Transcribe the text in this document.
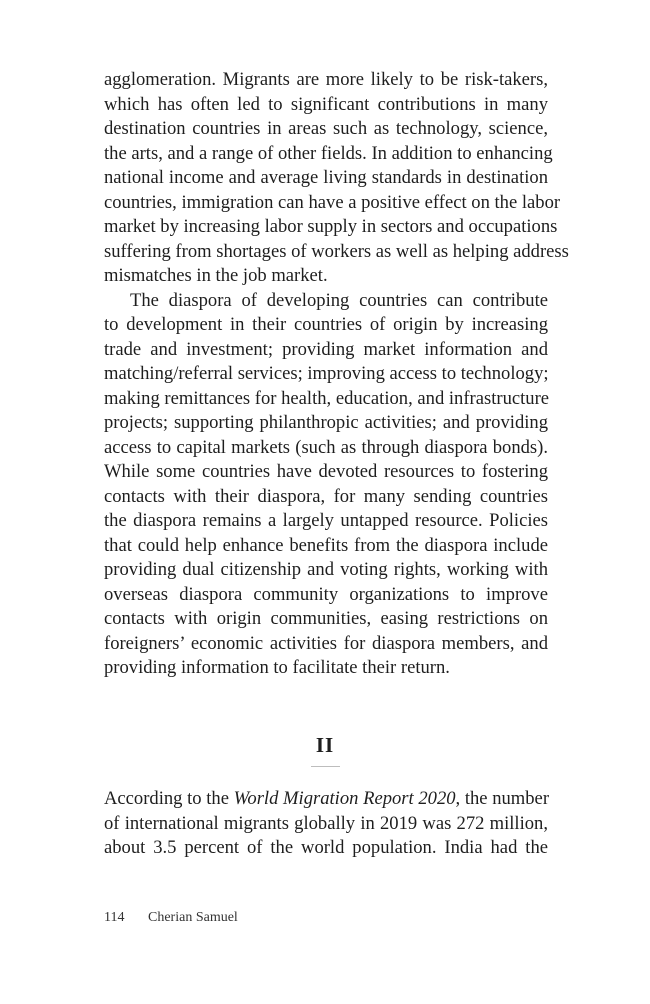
agglomeration. Migrants are more likely to be risk-takers,
which has often led to significant contributions in many
destination countries in areas such as technology, science,
the arts, and a range of other fields. In addition to enhancing
national income and average living standards in destination
countries, immigration can have a positive effect on the labor
market by increasing labor supply in sectors and occupations
suffering from shortages of workers as well as helping address
mismatches in the job market.
The diaspora of developing countries can contribute
to development in their countries of origin by increasing
trade and investment; providing market information and
matching/referral services; improving access to technology;
making remittances for health, education, and infrastructure
projects; supporting philanthropic activities; and providing
access to capital markets (such as through diaspora bonds).
While some countries have devoted resources to fostering
contacts with their diaspora, for many sending countries
the diaspora remains a largely untapped resource. Policies
that could help enhance benefits from the diaspora include
providing dual citizenship and voting rights, working with
overseas diaspora community organizations to improve
contacts with origin communities, easing restrictions on
foreigners’ economic activities for diaspora members, and
providing information to facilitate their return.
II
According to the World Migration Report 2020, the number
of international migrants globally in 2019 was 272 million,
about 3.5 percent of the world population. India had the
114 Cherian Samuel
